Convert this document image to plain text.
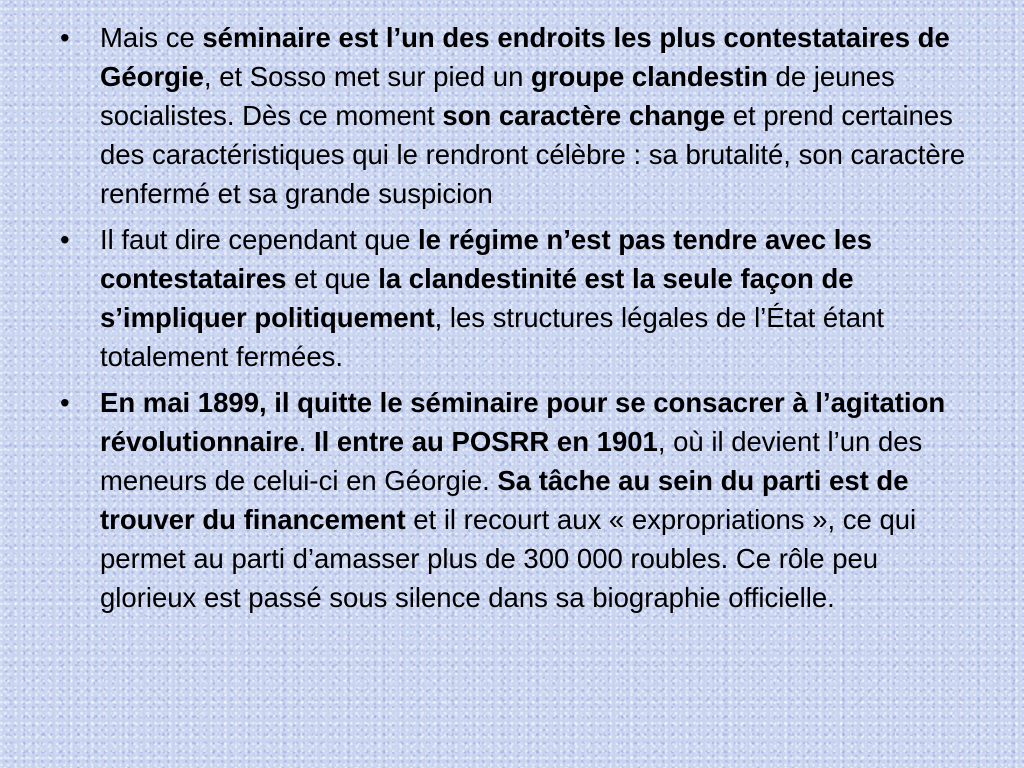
•	Mais ce séminaire est l’un des endroits les plus contestataires de Géorgie, et Sosso met sur pied un groupe clandestin de jeunes socialistes. Dès ce moment son caractère change et prend certaines des caractéristiques qui le rendront célèbre : sa brutalité, son caractère renfermé et sa grande suspicion
•	Il faut dire cependant que le régime n’est pas tendre avec les contestataires et que la clandestinité est la seule façon de s’impliquer politiquement, les structures légales de l’État étant totalement fermées.
•	En mai 1899, il quitte le séminaire pour se consacrer à l’agitation révolutionnaire. Il entre au POSRR en 1901, où il devient l’un des meneurs de celui-ci en Géorgie. Sa tâche au sein du parti est de trouver du financement et il recourt aux « expropriations », ce qui permet au parti d’amasser plus de 300 000 roubles. Ce rôle peu glorieux est passé sous silence dans sa biographie officielle.
